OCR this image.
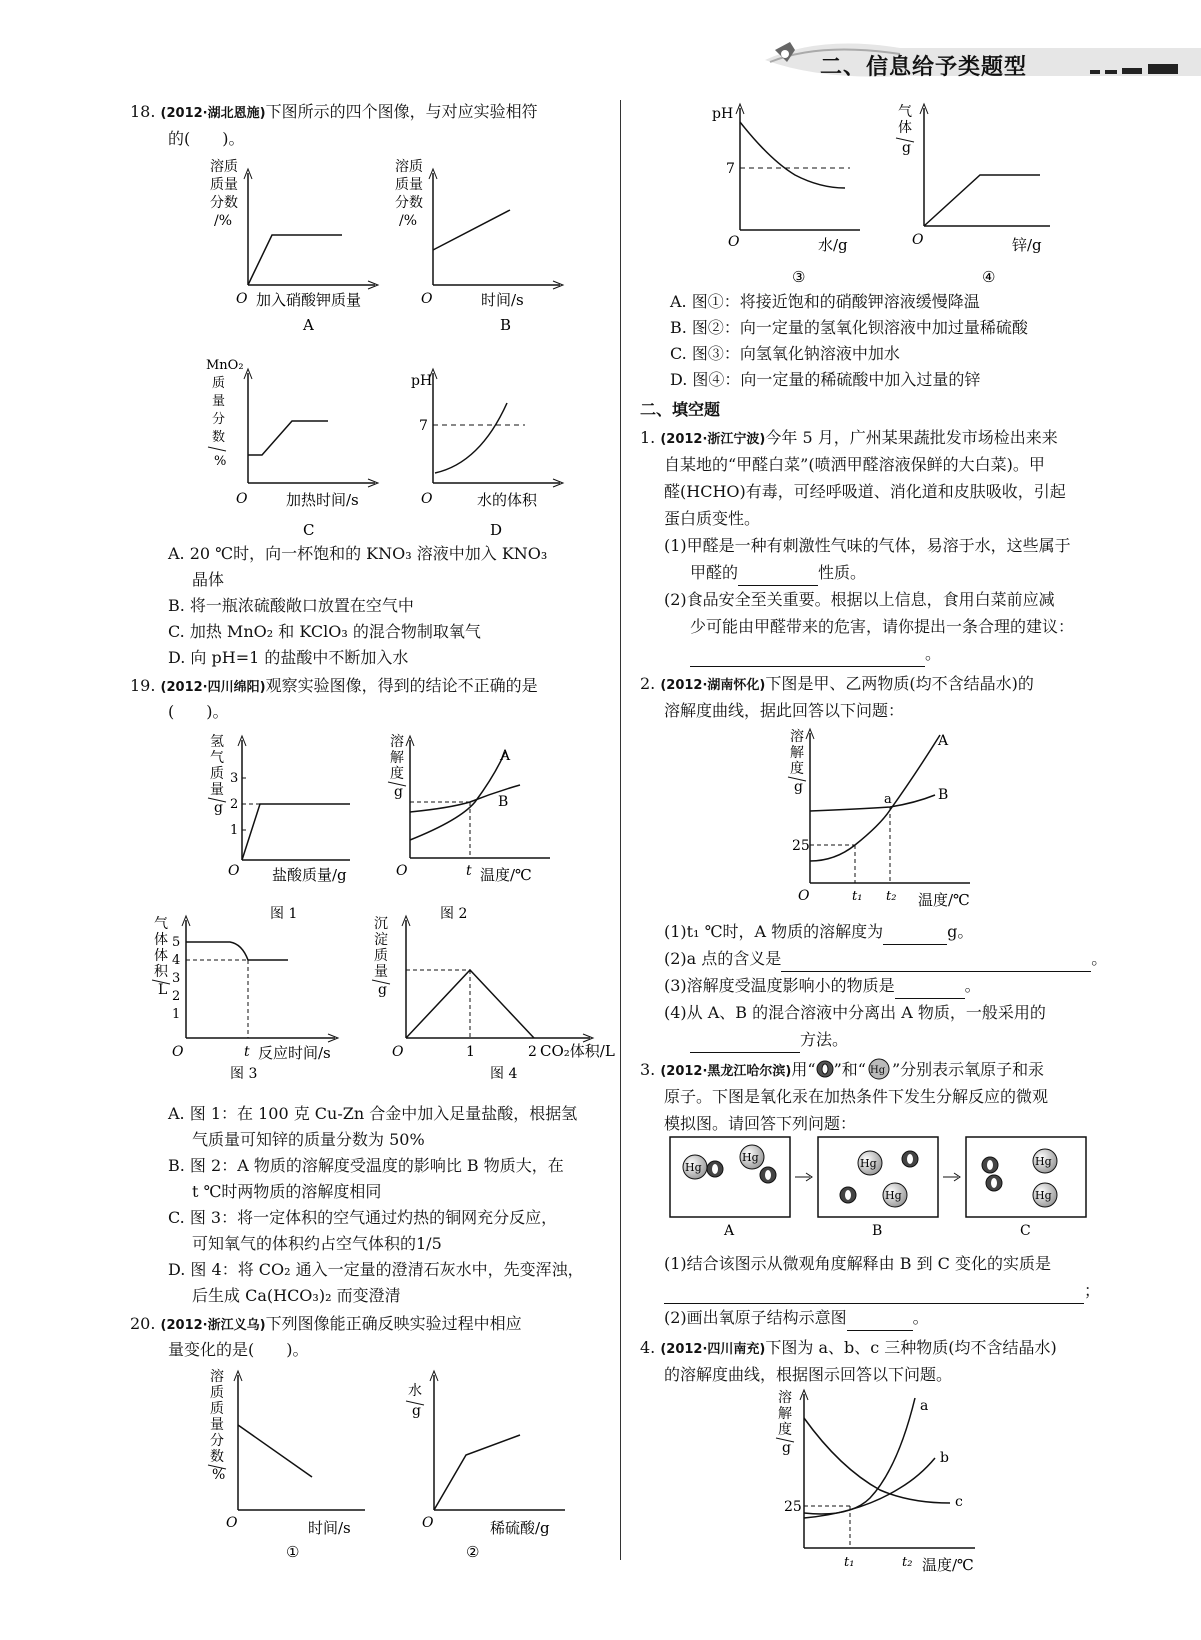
二、信息给予类题型
18. (2012·湖北恩施)下图所示的四个图像，与对应实验相符
的(　　)。
溶质
质量
分数
/%
O 加入硝酸钾质量
A
溶质
质量
分数
/%
O	时间/s
B
MnO₂
质
量
分
数
%
O	加热时间/s
C
pH
7
O	水的体积
D
A. 20 ℃时，向一杯饱和的 KNO₃ 溶液中加入 KNO₃
晶体
B. 将一瓶浓硫酸敞口放置在空气中
C. 加热 MnO₂ 和 KClO₃ 的混合物制取氧气
D. 向 pH=1 的盐酸中不断加入水
19. (2012·四川绵阳)观察实验图像，得到的结论不正确的是
(　　)。
氢
气
质
量
g
3
2
1
O 盐酸质量/g
图 1
溶
解
度
g
A
B
O	t 温度/℃
图 2
气
体
体
积
L
5
4
3
2
1
O	t 反应时间/s
图 3
沉
淀
质
量
g
O	1	2 CO₂体积/L
图 4
A. 图 1：在 100 克 Cu-Zn 合金中加入足量盐酸，根据氢
气质量可知锌的质量分数为 50%
B. 图 2：A 物质的溶解度受温度的影响比 B 物质大，在
t ℃时两物质的溶解度相同
C. 图 3：将一定体积的空气通过灼热的铜网充分反应，
可知氧气的体积约占空气体积的1/5
D. 图 4：将 CO₂ 通入一定量的澄清石灰水中，先变浑浊，
后生成 Ca(HCO₃)₂ 而变澄清
20. (2012·浙江义乌)下列图像能正确反映实验过程中相应
量变化的是(　　)。
溶
质
质
量
分
数
%
O	时间/s
①
水
g
O	稀硫酸/g
②
pH
7
O	水/g
③
气
体
g
O	锌/g
④
A. 图①：将接近饱和的硝酸钾溶液缓慢降温
B. 图②：向一定量的氢氧化钡溶液中加过量稀硫酸
C. 图③：向氢氧化钠溶液中加水
D. 图④：向一定量的稀硫酸中加入过量的锌
二、填空题
1. (2012·浙江宁波)今年 5 月，广州某果蔬批发市场检出来来
自某地的“甲醛白菜”(喷洒甲醛溶液保鲜的大白菜)。甲
醛(HCHO)有毒，可经呼吸道、消化道和皮肤吸收，引起
蛋白质变性。
(1)甲醛是一种有刺激性气味的气体，易溶于水，这些属于
甲醛的	性质。
(2)食品安全至关重要。根据以上信息，食用白菜前应减
少可能由甲醛带来的危害，请你提出一条合理的建议：
。
2. (2012·湖南怀化)下图是甲、乙两物质(均不含结晶水)的
溶解度曲线，据此回答以下问题：
溶
解
度
g
A
B
a
25
O	t₁ t₂ 温度/℃
(1)t₁ ℃时，A 物质的溶解度为	g。
(2)a 点的含义是	。
(3)溶解度受温度影响小的物质是	。
(4)从 A、B 的混合溶液中分离出 A 物质，一般采用的
方法。
3. (2012·黑龙江哈尔滨)用“ ”和“ Hg ”分别表示氧原子和汞
原子。下图是氧化汞在加热条件下发生分解反应的微观
模拟图。请回答下列问题：
Hg
Hg
A
Hg
Hg
B
Hg
Hg
C
(1)结合该图示从微观角度解释由 B 到 C 变化的实质是
；
(2)画出氧原子结构示意图	。
4. (2012·四川南充)下图为 a、b、c 三种物质(均不含结晶水)
的溶解度曲线，根据图示回答以下问题。
溶
解
度
g
a
b
c
25
t₁	t₂ 温度/℃
